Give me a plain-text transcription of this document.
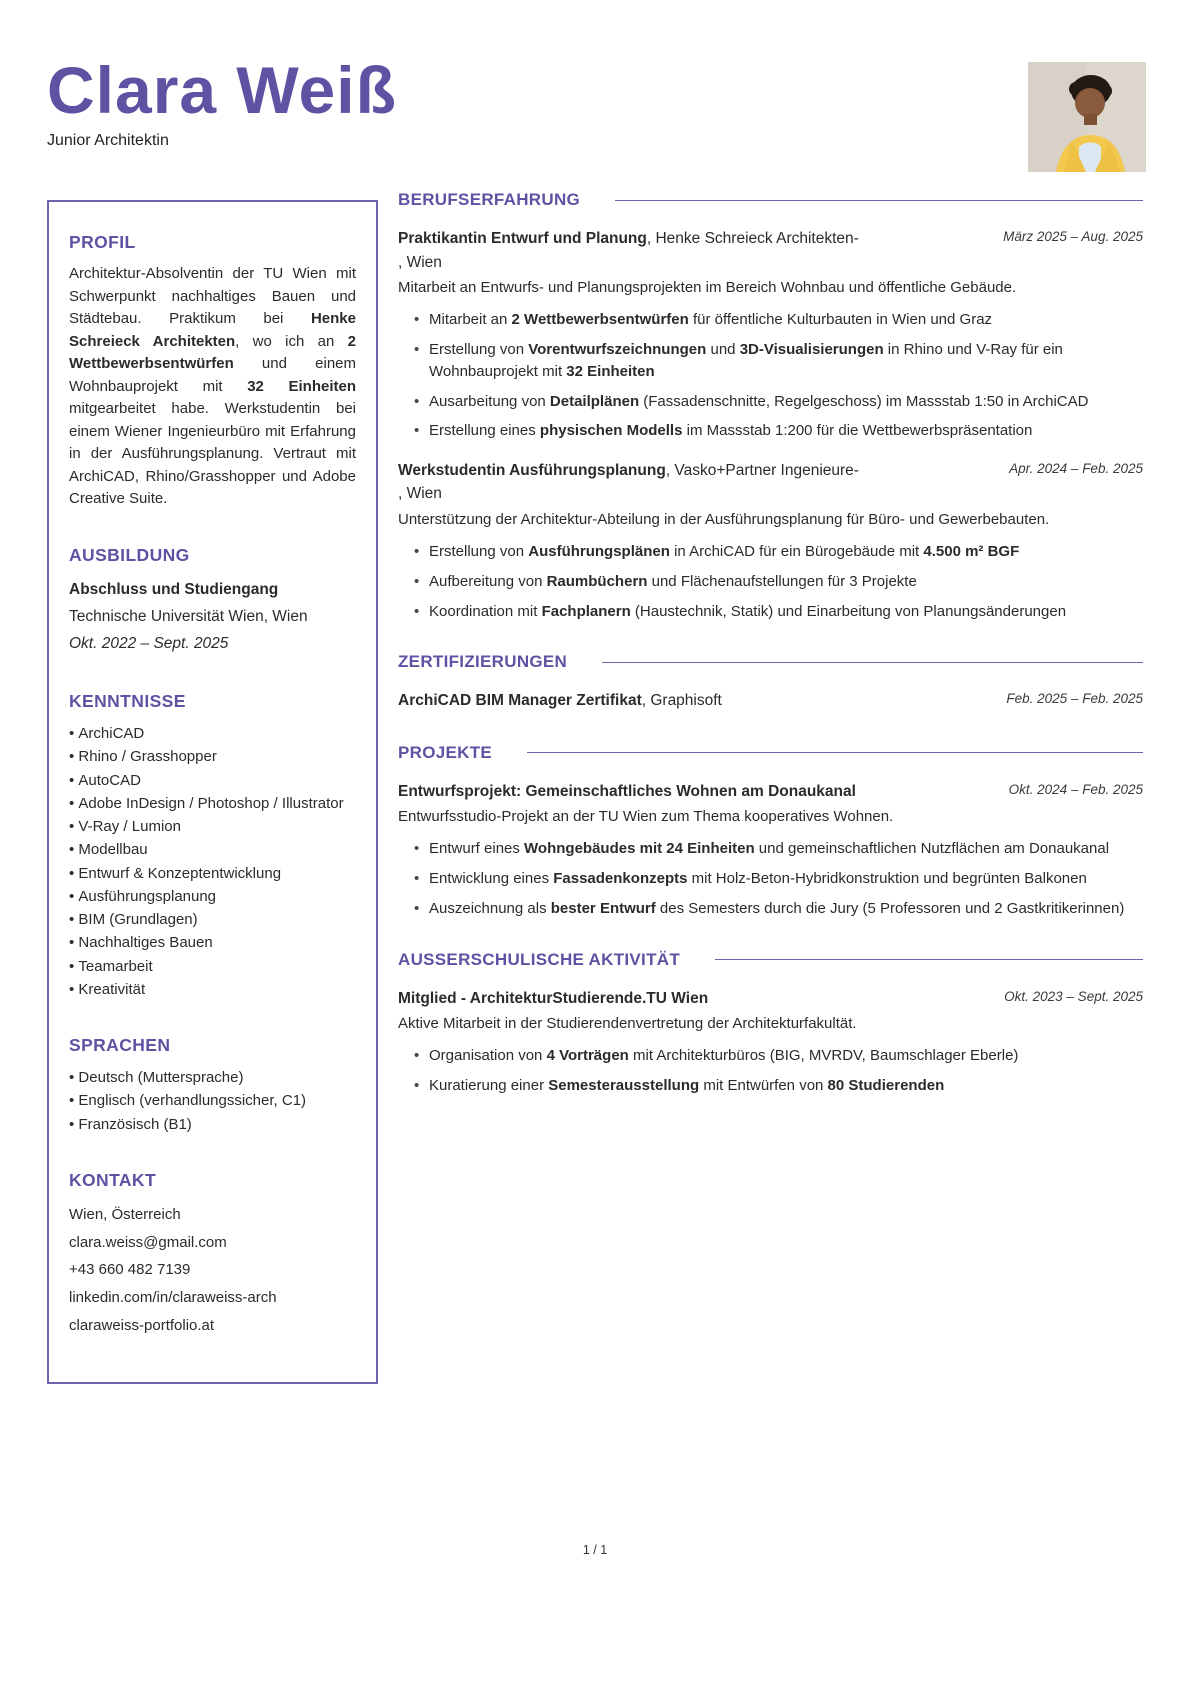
Clara Weiß
Junior Architektin
PROFIL
Architektur-Absolventin der TU Wien mit Schwerpunkt nachhaltiges Bauen und Städtebau. Praktikum bei Henke Schreieck Architekten, wo ich an 2 Wettbewerbsentwürfen und einem Wohnbauprojekt mit 32 Einheiten mitgearbeitet habe. Werkstudentin bei einem Wiener Ingenieurbüro mit Erfahrung in der Ausführungsplanung. Vertraut mit ArchiCAD, Rhino/Grasshopper und Adobe Creative Suite.
AUSBILDUNG
Abschluss und Studiengang
Technische Universität Wien, Wien
Okt. 2022 – Sept. 2025
KENNTNISSE
• ArchiCAD
• Rhino / Grasshopper
• AutoCAD
• Adobe InDesign / Photoshop / Illustrator
• V-Ray / Lumion
• Modellbau
• Entwurf & Konzeptentwicklung
• Ausführungsplanung
• BIM (Grundlagen)
• Nachhaltiges Bauen
• Teamarbeit
• Kreativität
SPRACHEN
• Deutsch (Muttersprache)
• Englisch (verhandlungssicher, C1)
• Französisch (B1)
KONTAKT
Wien, Österreich
clara.weiss@gmail.com
+43 660 482 7139
linkedin.com/in/claraweiss-arch
claraweiss-portfolio.at
BERUFSERFAHRUNG
Praktikantin Entwurf und Planung, Henke Schreieck Architekten-	März 2025 – Aug. 2025
, Wien
Mitarbeit an Entwurfs- und Planungsprojekten im Bereich Wohnbau und öffentliche Gebäude.
• Mitarbeit an 2 Wettbewerbsentwürfen für öffentliche Kulturbauten in Wien und Graz
• Erstellung von Vorentwurfszeichnungen und 3D-Visualisierungen in Rhino und V-Ray für ein Wohnbauprojekt mit 32 Einheiten
• Ausarbeitung von Detailplänen (Fassadenschnitte, Regelgeschoss) im Massstab 1:50 in ArchiCAD
• Erstellung eines physischen Modells im Massstab 1:200 für die Wettbewerbspräsentation
Werkstudentin Ausführungsplanung, Vasko+Partner Ingenieure-	Apr. 2024 – Feb. 2025
, Wien
Unterstützung der Architektur-Abteilung in der Ausführungsplanung für Büro- und Gewerbebauten.
• Erstellung von Ausführungsplänen in ArchiCAD für ein Bürogebäude mit 4.500 m² BGF
• Aufbereitung von Raumbüchern und Flächenaufstellungen für 3 Projekte
• Koordination mit Fachplanern (Haustechnik, Statik) und Einarbeitung von Planungsänderungen
ZERTIFIZIERUNGEN
ArchiCAD BIM Manager Zertifikat, Graphisoft	Feb. 2025 – Feb. 2025
PROJEKTE
Entwurfsprojekt: Gemeinschaftliches Wohnen am Donaukanal	Okt. 2024 – Feb. 2025
Entwurfsstudio-Projekt an der TU Wien zum Thema kooperatives Wohnen.
• Entwurf eines Wohngebäudes mit 24 Einheiten und gemeinschaftlichen Nutzflächen am Donaukanal
• Entwicklung eines Fassadenkonzepts mit Holz-Beton-Hybridkonstruktion und begrünten Balkonen
• Auszeichnung als bester Entwurf des Semesters durch die Jury (5 Professoren und 2 Gastkritikerinnen)
AUSSERSCHULISCHE AKTIVITÄT
Mitglied - ArchitekturStudierende.TU Wien	Okt. 2023 – Sept. 2025
Aktive Mitarbeit in der Studierendenvertretung der Architekturfakultät.
• Organisation von 4 Vorträgen mit Architekturbüros (BIG, MVRDV, Baumschlager Eberle)
• Kuratierung einer Semesterausstellung mit Entwürfen von 80 Studierenden
1 / 1
